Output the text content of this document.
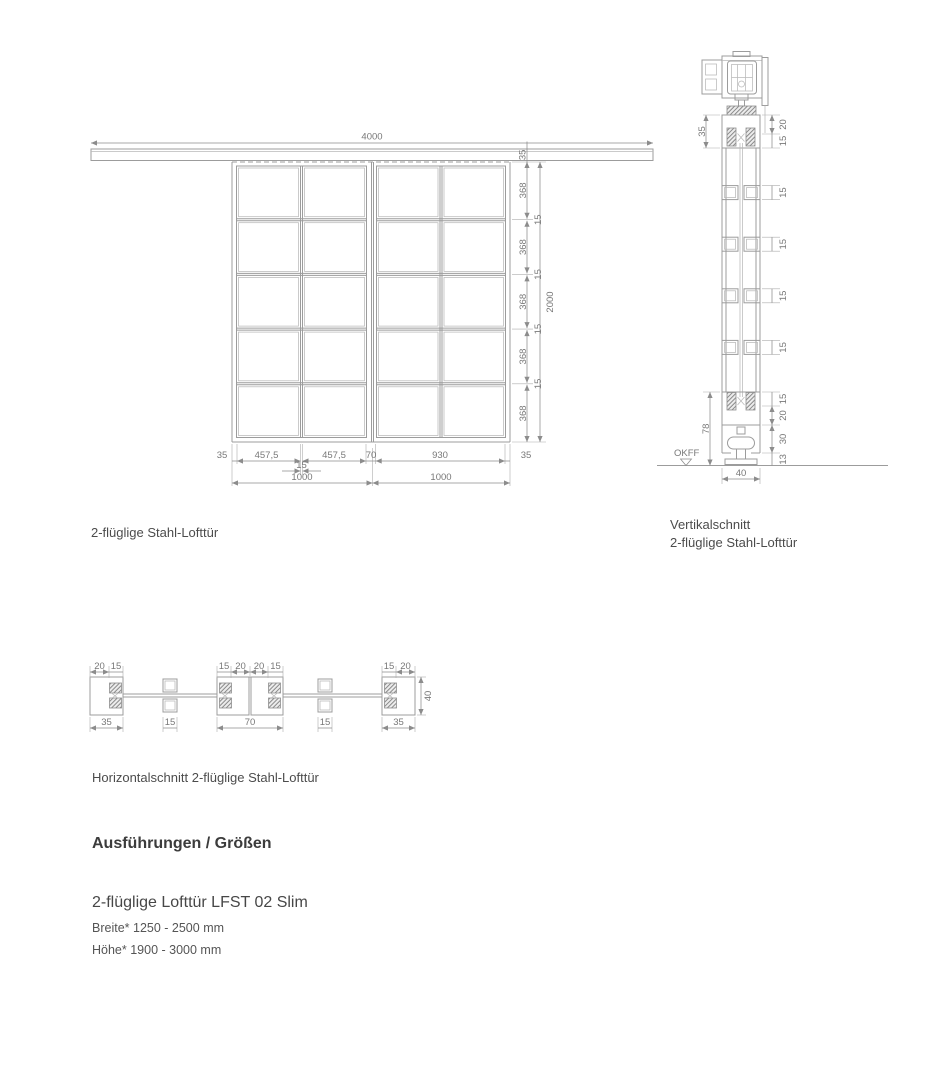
4000
35
368
15
368
15
368
15
368
15
368
2000
35	457,5	457,5 70	930	35
15
1000	1000
35
78
20
15
15
15
15
15
15
20
30
13
OKFF
40
20 15	15 20 20 15	15 20
35	15	70	15	35
40
2-flüglige Stahl-Lofttür
Vertikalschnitt
2-flüglige Stahl-Lofttür
Horizontalschnitt 2-flüglige Stahl-Lofttür
Ausführungen / Größen
2-flüglige Lofttür LFST 02 Slim
Breite* 1250 - 2500 mm
Höhe* 1900 - 3000 mm
